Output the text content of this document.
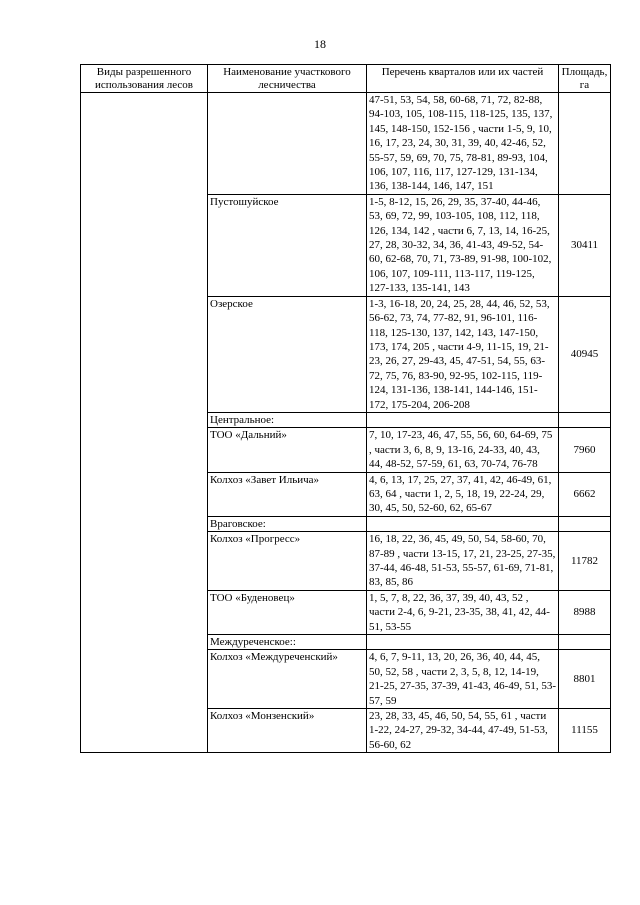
18
Виды разрешенного использования лесов	Наименование участкового лесничества	Перечень кварталов или их частей	Площадь, га
		47-51, 53, 54, 58, 60-68, 71, 72, 82-88, 94-103, 105, 108-115, 118-125, 135, 137, 145, 148-150, 152-156 , части 1-5, 9, 10, 16, 17, 23, 24, 30, 31, 39, 40, 42-46, 52, 55-57, 59, 69, 70, 75, 78-81, 89-93, 104, 106, 107, 116, 117, 127-129, 131-134, 136, 138-144, 146, 147, 151	
	Пустошуйское	1-5, 8-12, 15, 26, 29, 35, 37-40, 44-46, 53, 69, 72, 99, 103-105, 108, 112, 118, 126, 134, 142 , части 6, 7, 13, 14, 16-25, 27, 28, 30-32, 34, 36, 41-43, 49-52, 54-60, 62-68, 70, 71, 73-89, 91-98, 100-102, 106, 107, 109-111, 113-117, 119-125, 127-133, 135-141, 143	30411
	Озерское	1-3, 16-18, 20, 24, 25, 28, 44, 46, 52, 53, 56-62, 73, 74, 77-82, 91, 96-101, 116-118, 125-130, 137, 142, 143, 147-150, 173, 174, 205 , части 4-9, 11-15, 19, 21-23, 26, 27, 29-43, 45, 47-51, 54, 55, 63-72, 75, 76, 83-90, 92-95, 102-115, 119-124, 131-136, 138-141, 144-146, 151-172, 175-204, 206-208	40945
	Центральное:		
	ТОО «Дальний»	7, 10, 17-23, 46, 47, 55, 56, 60, 64-69, 75 , части 3, 6, 8, 9, 13-16, 24-33, 40, 43, 44, 48-52, 57-59, 61, 63, 70-74, 76-78	7960
	Колхоз «Завет Ильича»	4, 6, 13, 17, 25, 27, 37, 41, 42, 46-49, 61, 63, 64 , части 1, 2, 5, 18, 19, 22-24, 29, 30, 45, 50, 52-60, 62, 65-67	6662
	Враговское:		
	Колхоз «Прогресс»	16, 18, 22, 36, 45, 49, 50, 54, 58-60, 70, 87-89 , части 13-15, 17, 21, 23-25, 27-35, 37-44, 46-48, 51-53, 55-57, 61-69, 71-81, 83, 85, 86	11782
	ТОО «Буденовец»	1, 5, 7, 8, 22, 36, 37, 39, 40, 43, 52 , части 2-4, 6, 9-21, 23-35, 38, 41, 42, 44-51, 53-55	8988
	Междуреченское::		
	Колхоз «Междуреченский»	4, 6, 7, 9-11, 13, 20, 26, 36, 40, 44, 45, 50, 52, 58 , части 2, 3, 5, 8, 12, 14-19, 21-25, 27-35, 37-39, 41-43, 46-49, 51, 53-57, 59	8801
	Колхоз «Монзенский»	23, 28, 33, 45, 46, 50, 54, 55, 61 , части 1-22, 24-27, 29-32, 34-44, 47-49, 51-53, 56-60, 62	11155
